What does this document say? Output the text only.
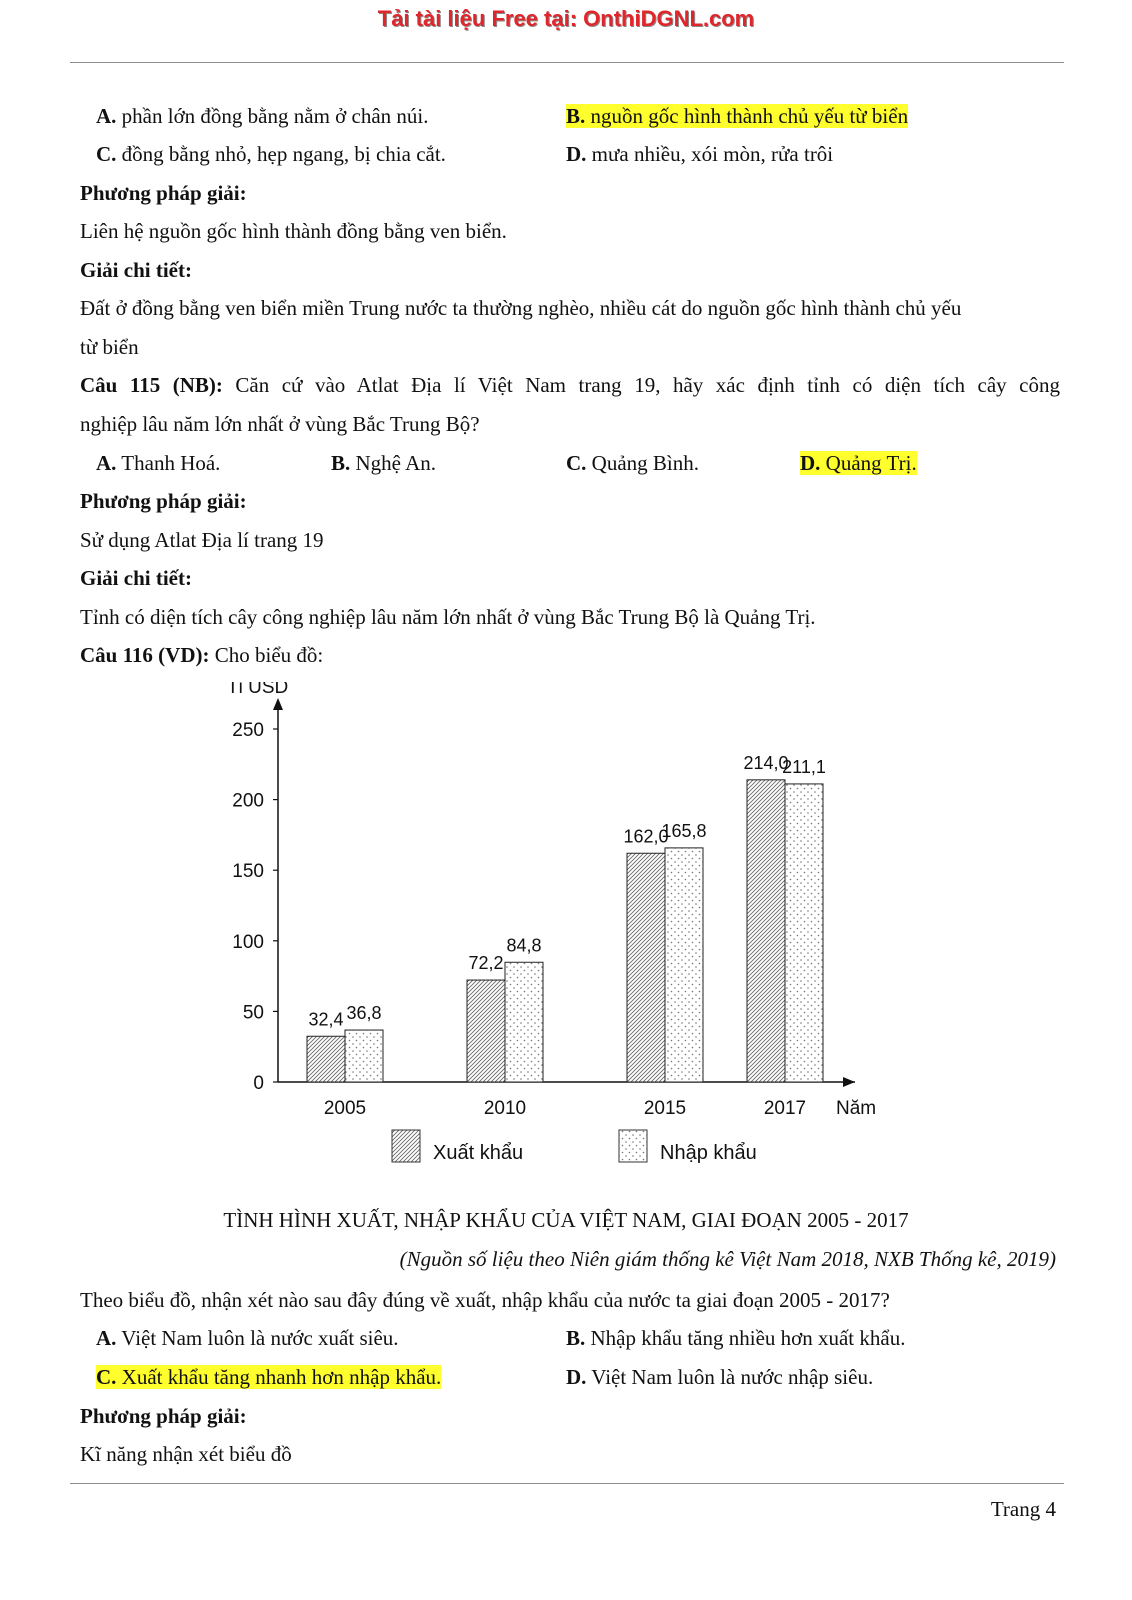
Tải tài liệu Free tại: OnthiDGNL.com
A. phần lớn đồng bằng nằm ở chân núi.	B. nguồn gốc hình thành chủ yếu từ biển
C. đồng bằng nhỏ, hẹp ngang, bị chia cắt.	D. mưa nhiều, xói mòn, rửa trôi
Phương pháp giải:
Liên hệ nguồn gốc hình thành đồng bằng ven biển.
Giải chi tiết:
Đất ở đồng bằng ven biển miền Trung nước ta thường nghèo, nhiều cát do nguồn gốc hình thành chủ yếu
từ biển
Câu 115 (NB): Căn cứ vào Atlat Địa lí Việt Nam trang 19, hãy xác định tỉnh có diện tích cây công
nghiệp lâu năm lớn nhất ở vùng Bắc Trung Bộ?
A. Thanh Hoá.	B. Nghệ An.	C. Quảng Bình.	D. Quảng Trị.
Phương pháp giải:
Sử dụng Atlat Địa lí trang 19
Giải chi tiết:
Tỉnh có diện tích cây công nghiệp lâu năm lớn nhất ở vùng Bắc Trung Bộ là Quảng Trị.
Câu 116 (VD): Cho biểu đồ:
0
50
100
150
200
250
32,4 36,8
2005
72,2
84,8
2010
162,0
165,8
2015
214,0
211,1
2017
Tỉ USD
Năm
Xuất khẩu	Nhập khẩu
TÌNH HÌNH XUẤT, NHẬP KHẨU CỦA VIỆT NAM, GIAI ĐOẠN 2005 - 2017
(Nguồn số liệu theo Niên giám thống kê Việt Nam 2018, NXB Thống kê, 2019)
Theo biểu đồ, nhận xét nào sau đây đúng về xuất, nhập khẩu của nước ta giai đoạn 2005 - 2017?
A. Việt Nam luôn là nước xuất siêu.	B. Nhập khẩu tăng nhiều hơn xuất khẩu.
C. Xuất khẩu tăng nhanh hơn nhập khẩu.	D. Việt Nam luôn là nước nhập siêu.
Phương pháp giải:
Kĩ năng nhận xét biểu đồ
Trang 4
